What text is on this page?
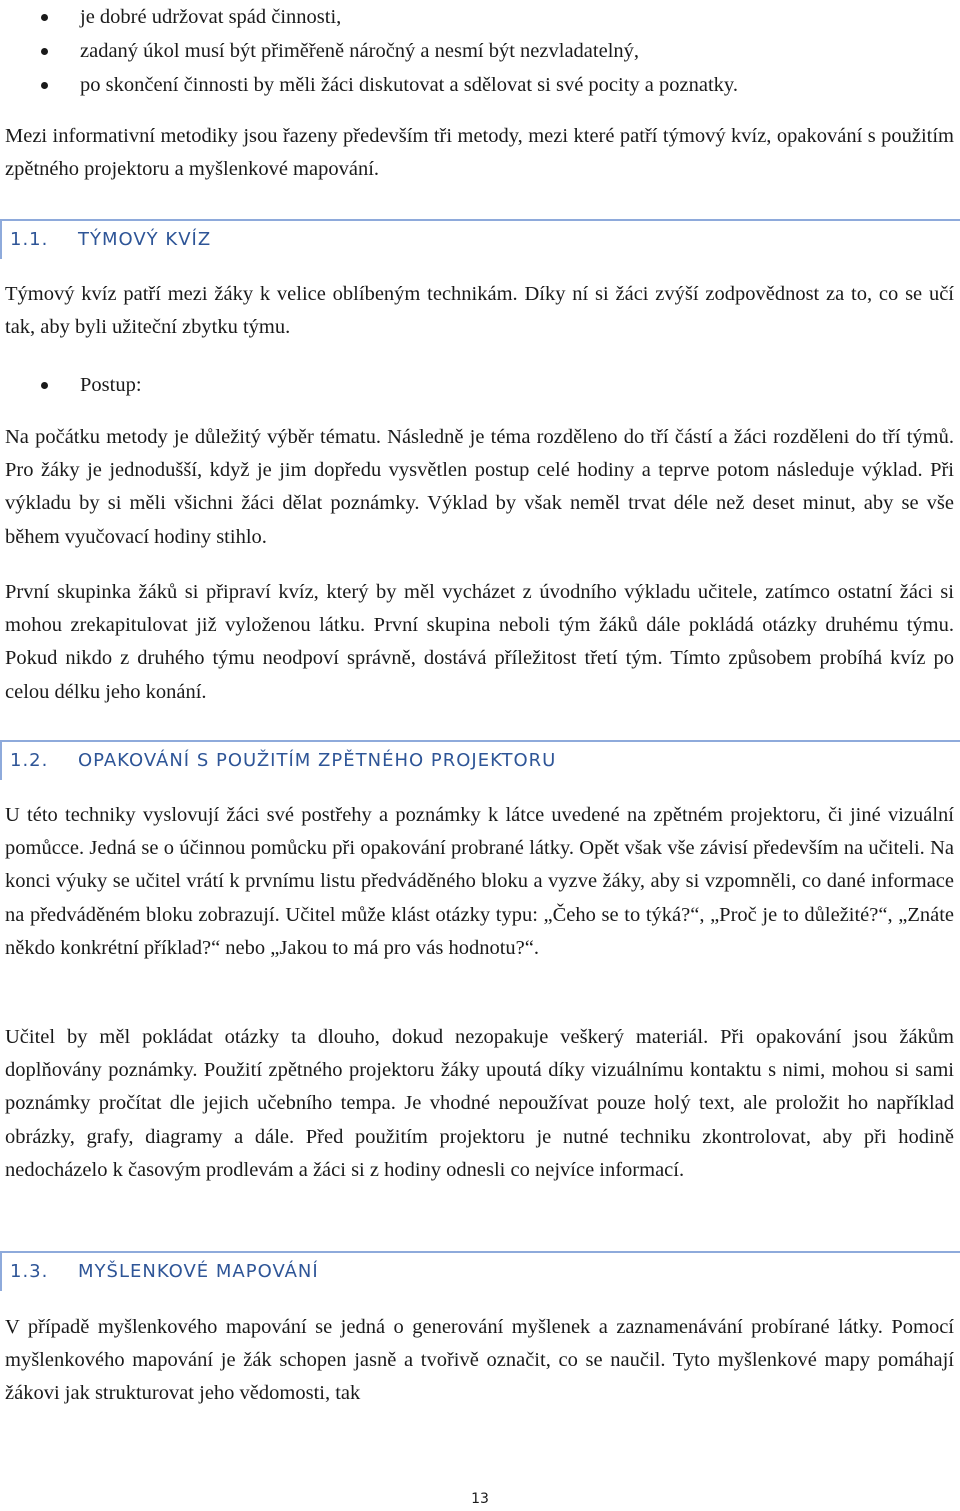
je dobré udržovat spád činnosti,
zadaný úkol musí být přiměřeně náročný a nesmí být nezvladatelný,
po skončení činnosti by měli žáci diskutovat a sdělovat si své pocity a poznatky.

Mezi informativní metodiky jsou řazeny především tři metody, mezi které patří týmový kvíz, opakování s použitím zpětného projektoru a myšlenkové mapování.

1.1. TÝMOVÝ KVÍZ

Týmový kvíz patří mezi žáky k velice oblíbeným technikám. Díky ní si žáci zvýší zodpovědnost za to, co se učí tak, aby byli užiteční zbytku týmu.

Postup:

Na počátku metody je důležitý výběr tématu. Následně je téma rozděleno do tří částí a žáci rozděleni do tří týmů. Pro žáky je jednodušší, když je jim dopředu vysvětlen postup celé hodiny a teprve potom následuje výklad. Při výkladu by si měli všichni žáci dělat poznámky. Výklad by však neměl trvat déle než deset minut, aby se vše během vyučovací hodiny stihlo.

První skupinka žáků si připraví kvíz, který by měl vycházet z úvodního výkladu učitele, zatímco ostatní žáci si mohou zrekapitulovat již vyloženou látku. První skupina neboli tým žáků dále pokládá otázky druhému týmu. Pokud nikdo z druhého týmu neodpoví správně, dostává příležitost třetí tým. Tímto způsobem probíhá kvíz po celou délku jeho konání.

1.2. OPAKOVÁNÍ S POUŽITÍM ZPĚTNÉHO PROJEKTORU

U této techniky vyslovují žáci své postřehy a poznámky k látce uvedené na zpětném projektoru, či jiné vizuální pomůcce. Jedná se o účinnou pomůcku při opakování probrané látky. Opět však vše závisí především na učiteli. Na konci výuky se učitel vrátí k prvnímu listu předváděného bloku a vyzve žáky, aby si vzpomněli, co dané informace na předváděném bloku zobrazují. Učitel může klást otázky typu: „Čeho se to týká?“, „Proč je to důležité?“, „Znáte někdo konkrétní příklad?“ nebo „Jakou to má pro vás hodnotu?“.

Učitel by měl pokládat otázky ta dlouho, dokud nezopakuje veškerý materiál. Při opakování jsou žákům doplňovány poznámky. Použití zpětného projektoru žáky upoutá díky vizuálnímu kontaktu s nimi, mohou si sami poznámky pročítat dle jejich učebního tempa. Je vhodné nepoužívat pouze holý text, ale proložit ho například obrázky, grafy, diagramy a dále. Před použitím projektoru je nutné techniku zkontrolovat, aby při hodině nedocházelo k časovým prodlevám a žáci si z hodiny odnesli co nejvíce informací.

1.3. MYŠLENKOVÉ MAPOVÁNÍ

V případě myšlenkového mapování se jedná o generování myšlenek a zaznamenávání probírané látky. Pomocí myšlenkového mapování je žák schopen jasně a tvořivě označit, co se naučil. Tyto myšlenkové mapy pomáhají žákovi jak strukturovat jeho vědomosti, tak

13
